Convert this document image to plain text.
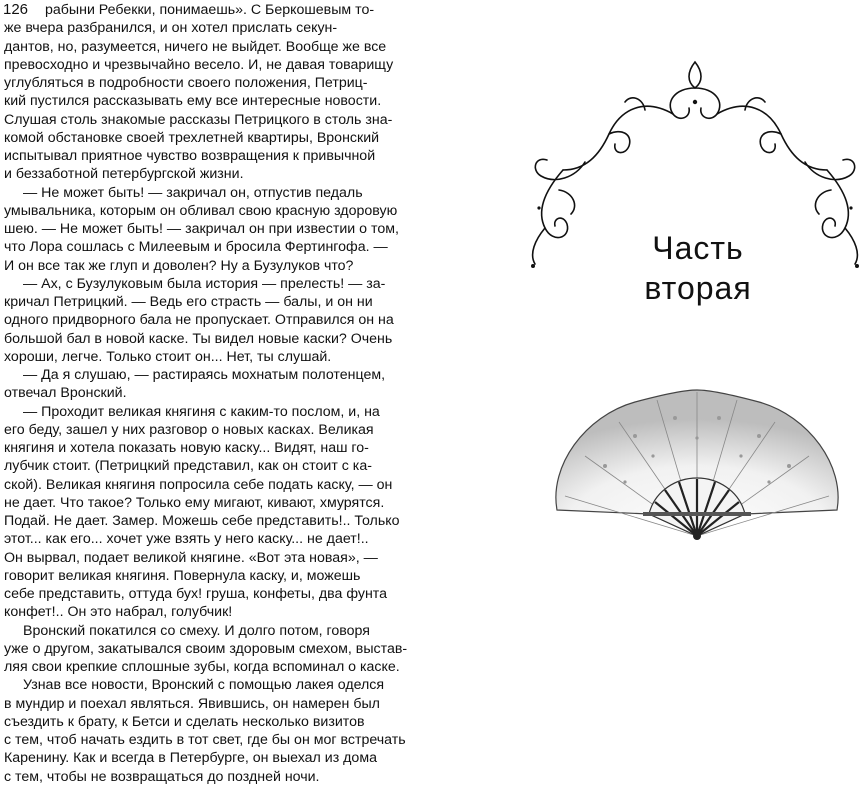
126	рабыни Ребекки, понимаешь». С Беркошевым то-
же вчера разбранился, и он хотел прислать секун-
дантов, но, разумеется, ничего не выйдет. Вообще же все
превосходно и чрезвычайно весело. И, не давая товарищу
углубляться в подробности своего положения, Петриц-
кий пустился рассказывать ему все интересные новости.
Слушая столь знакомые рассказы Петрицкого в столь зна-
комой обстановке своей трехлетней квартиры, Вронский
испытывал приятное чувство возвращения к привычной
и беззаботной петербургской жизни.
— Не может быть! — закричал он, отпустив педаль
умывальника, которым он обливал свою красную здоровую
шею. — Не может быть! — закричал он при известии о том,
что Лора сошлась с Милеевым и бросила Фертингофа. —
И он все так же глуп и доволен? Ну а Бузулуков что?
— Ах, с Бузулуковым была история — прелесть! — за-
кричал Петрицкий. — Ведь его страсть — балы, и он ни
одного придворного бала не пропускает. Отправился он на
большой бал в новой каске. Ты видел новые каски? Очень
хороши, легче. Только стоит он... Нет, ты слушай.
— Да я слушаю, — растираясь мохнатым полотенцем,
отвечал Вронский.
— Проходит великая княгиня с каким-то послом, и, на
его беду, зашел у них разговор о новых касках. Великая
княгиня и хотела показать новую каску... Видят, наш го-
лубчик стоит. (Петрицкий представил, как он стоит с ка-
ской). Великая княгиня попросила себе подать каску, — он
не дает. Что такое? Только ему мигают, кивают, хмурятся.
Подай. Не дает. Замер. Можешь себе представить!.. Только
этот... как его... хочет уже взять у него каску... не дает!..
Он вырвал, подает великой княгине. «Вот эта новая», —
говорит великая княгиня. Повернула каску, и, можешь
себе представить, оттуда бух! груша, конфеты, два фунта
конфет!.. Он это набрал, голубчик!
Вронский покатился со смеху. И долго потом, говоря
уже о другом, закатывался своим здоровым смехом, выстав-
ляя свои крепкие сплошные зубы, когда вспоминал о каске.
Узнав все новости, Вронский с помощью лакея оделся
в мундир и поехал являться. Явившись, он намерен был
съездить к брату, к Бетси и сделать несколько визитов
с тем, чтоб начать ездить в тот свет, где бы он мог встречать
Каренину. Как и всегда в Петербурге, он выехал из дома
с тем, чтобы не возвращаться до поздней ночи.
Часть
вторая
